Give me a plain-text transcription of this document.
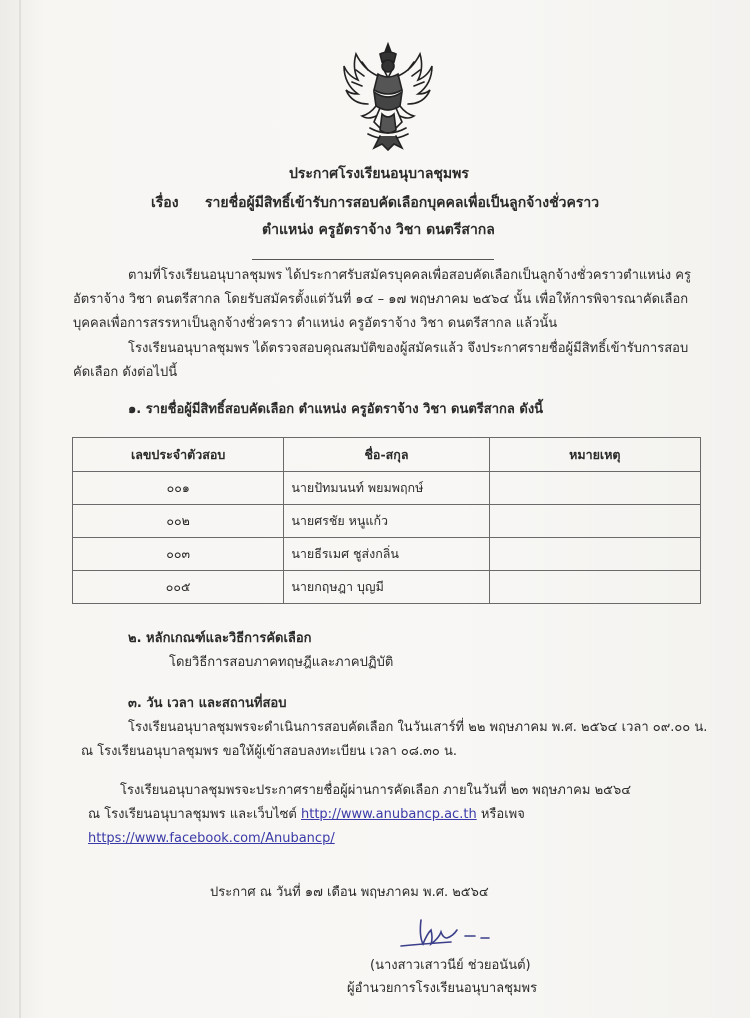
ประกาศโรงเรียนอนุบาลชุมพร
เรื่อง รายชื่อผู้มีสิทธิ์เข้ารับการสอบคัดเลือกบุคคลเพื่อเป็นลูกจ้างชั่วคราว
ตำแหน่ง ครูอัตราจ้าง วิชา ดนตรีสากล
ตามที่โรงเรียนอนุบาลชุมพร ได้ประกาศรับสมัครบุคคลเพื่อสอบคัดเลือกเป็นลูกจ้างชั่วคราวตำแหน่ง ครู
อัตราจ้าง วิชา ดนตรีสากล โดยรับสมัครตั้งแต่วันที่ ๑๔ – ๑๗ พฤษภาคม ๒๕๖๔ นั้น เพื่อให้การพิจารณาคัดเลือก
บุคคลเพื่อการสรรหาเป็นลูกจ้างชั่วคราว ตำแหน่ง ครูอัตราจ้าง วิชา ดนตรีสากล แล้วนั้น
โรงเรียนอนุบาลชุมพร ได้ตรวจสอบคุณสมบัติของผู้สมัครแล้ว จึงประกาศรายชื่อผู้มีสิทธิ์เข้ารับการสอบ
คัดเลือก ดังต่อไปนี้
๑. รายชื่อผู้มีสิทธิ์สอบคัดเลือก ตำแหน่ง ครูอัตราจ้าง วิชา ดนตรีสากล ดังนี้
เลขประจำตัวสอบ	ชื่อ-สกุล	หมายเหตุ
๐๐๑	นายปัทมนนท์ พยมพฤกษ์	
๐๐๒	นายศรชัย หนูแก้ว	
๐๐๓	นายธีรเมศ ชูส่งกลิ่น	
๐๐๕	นายกฤษฎา บุญมี	
๒. หลักเกณฑ์และวิธีการคัดเลือก
โดยวิธีการสอบภาคทฤษฎีและภาคปฏิบัติ
๓. วัน เวลา และสถานที่สอบ
โรงเรียนอนุบาลชุมพรจะดำเนินการสอบคัดเลือก ในวันเสาร์ที่ ๒๒ พฤษภาคม พ.ศ. ๒๕๖๔ เวลา ๐๙.๐๐ น.
ณ โรงเรียนอนุบาลชุมพร ขอให้ผู้เข้าสอบลงทะเบียน เวลา ๐๘.๓๐ น.
โรงเรียนอนุบาลชุมพรจะประกาศรายชื่อผู้ผ่านการคัดเลือก ภายในวันที่ ๒๓ พฤษภาคม ๒๕๖๔
ณ โรงเรียนอนุบาลชุมพร และเว็บไซต์ http://www.anubancp.ac.th หรือเพจ
https://www.facebook.com/Anubancp/
ประกาศ ณ วันที่ ๑๗ เดือน พฤษภาคม พ.ศ. ๒๕๖๔
(นางสาวเสาวนีย์ ช่วยอนันต์)
ผู้อำนวยการโรงเรียนอนุบาลชุมพร
